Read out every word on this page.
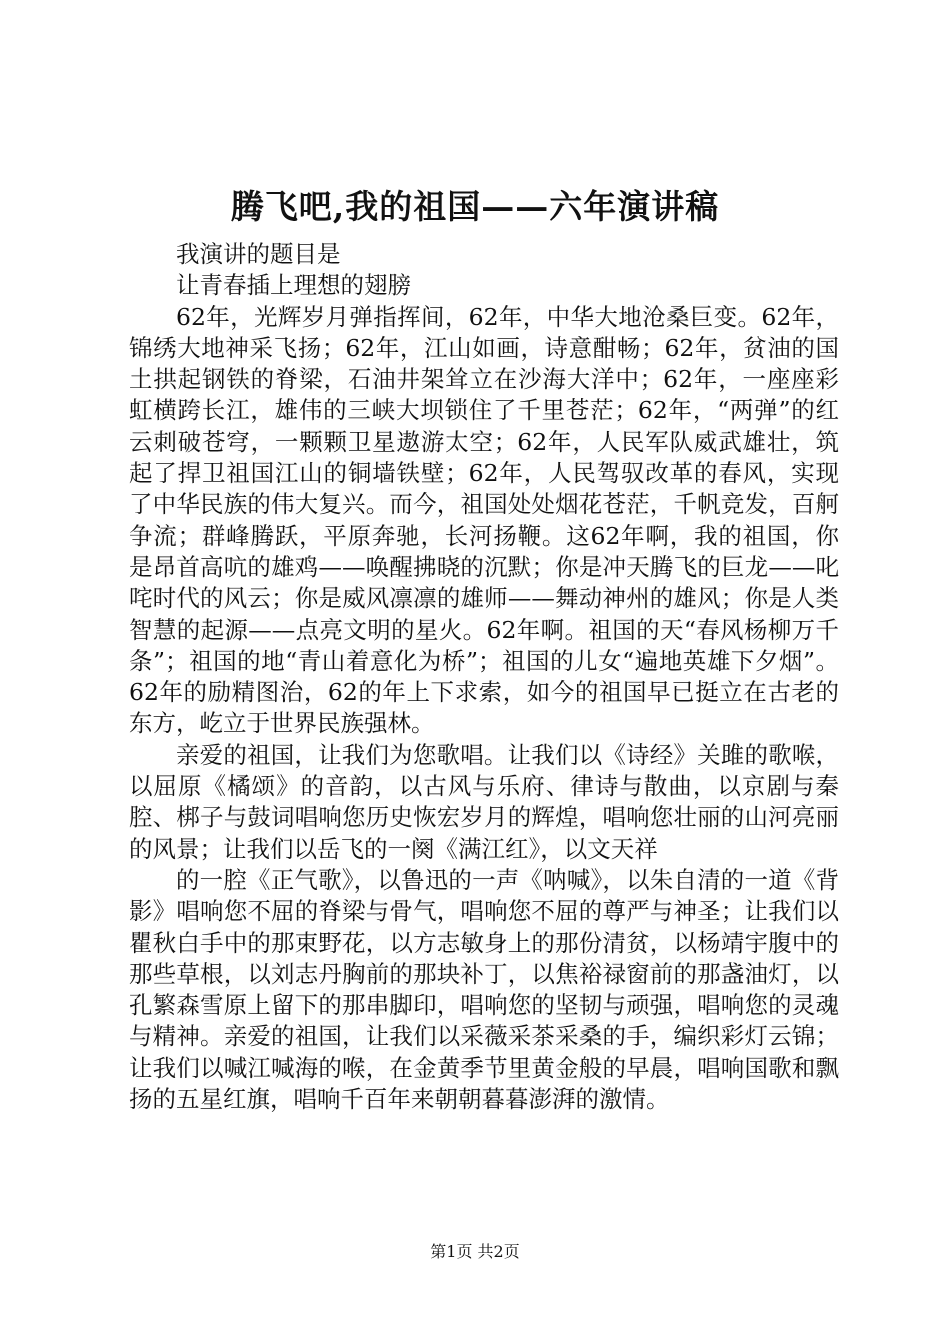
腾飞吧,我的祖国——六年演讲稿

我演讲的题目是

让青春插上理想的翅膀

62年，光辉岁月弹指挥间，62年，中华大地沧桑巨变。62年，锦绣大地神采飞扬；62年，江山如画，诗意酣畅；62年，贫油的国土拱起钢铁的脊梁，石油井架耸立在沙海大洋中；62年，一座座彩虹横跨长江，雄伟的三峡大坝锁住了千里苍茫；62年，“两弹”的红云刺破苍穹，一颗颗卫星遨游太空；62年，人民军队威武雄壮，筑起了捍卫祖国江山的铜墙铁壁；62年，人民驾驭改革的春风，实现了中华民族的伟大复兴。而今，祖国处处烟花苍茫，千帆竞发，百舸争流；群峰腾跃，平原奔驰，长河扬鞭。这62年啊，我的祖国，你是昂首高吭的雄鸡——唤醒拂晓的沉默；你是冲天腾飞的巨龙——叱咤时代的风云；你是威风凛凛的雄师——舞动神州的雄风；你是人类智慧的起源——点亮文明的星火。62年啊。祖国的天“春风杨柳万千条”；祖国的地“青山着意化为桥”；祖国的儿女“遍地英雄下夕烟”。62年的励精图治，62的年上下求索，如今的祖国早已挺立在古老的东方，屹立于世界民族强林。

亲爱的祖国，让我们为您歌唱。让我们以《诗经》关雎的歌喉，以屈原《橘颂》的音韵，以古风与乐府、律诗与散曲，以京剧与秦腔、梆子与鼓词唱响您历史恢宏岁月的辉煌，唱响您壮丽的山河亮丽的风景；让我们以岳飞的一阕《满江红》，以文天祥

的一腔《正气歌》，以鲁迅的一声《呐喊》，以朱自清的一道《背影》唱响您不屈的脊梁与骨气，唱响您不屈的尊严与神圣；让我们以瞿秋白手中的那束野花，以方志敏身上的那份清贫，以杨靖宇腹中的那些草根，以刘志丹胸前的那块补丁，以焦裕禄窗前的那盏油灯，以孔繁森雪原上留下的那串脚印，唱响您的坚韧与顽强，唱响您的灵魂与精神。亲爱的祖国，让我们以采薇采茶采桑的手，编织彩灯云锦；让我们以喊江喊海的喉，在金黄季节里黄金般的早晨，唱响国歌和飘扬的五星红旗，唱响千百年来朝朝暮暮澎湃的激情。

第1页 共2页
